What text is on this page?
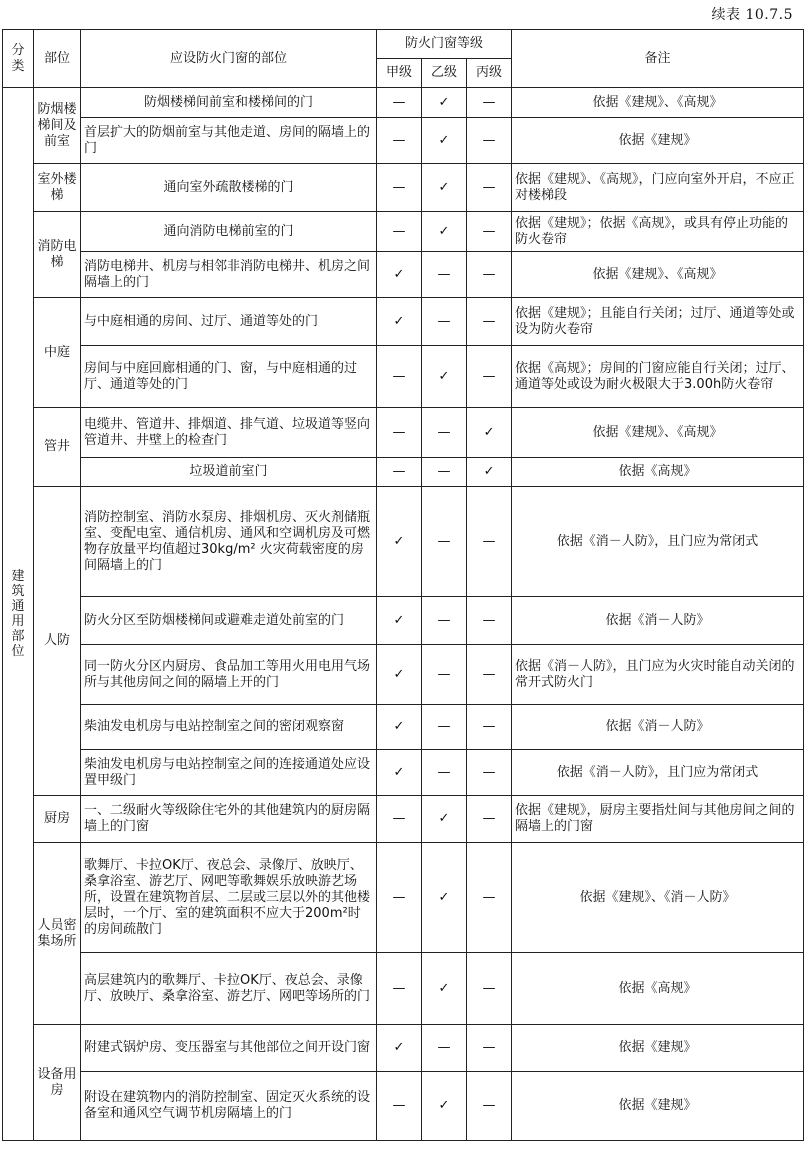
续表 10.7.5
分类	部位	应设防火门窗的部位	防火门窗等级			备注
			甲级	乙级	丙级	
建筑通用部位	防烟楼梯间及前室	防烟楼梯间前室和楼梯间的门	—	✓	—	依据《建规》、《高规》
		首层扩大的防烟前室与其他走道、房间的隔墙上的门	—	✓	—	依据《建规》
	室外楼梯	通向室外疏散楼梯的门	—	✓	—	依据《建规》、《高规》，门应向室外开启，不应正对楼梯段
	消防电梯	通向消防电梯前室的门	—	✓	—	依据《建规》；依据《高规》，或具有停止功能的防火卷帘
		消防电梯井、机房与相邻非消防电梯井、机房之间隔墙上的门	✓	—	—	依据《建规》、《高规》
	中庭	与中庭相通的房间、过厅、通道等处的门	✓	—	—	依据《建规》；且能自行关闭；过厅、通道等处或设为防火卷帘
		房间与中庭回廊相通的门、窗，与中庭相通的过厅、通道等处的门	—	✓	—	依据《高规》；房间的门窗应能自行关闭；过厅、通道等处或设为耐火极限大于3.00h防火卷帘
	管井	电缆井、管道井、排烟道、排气道、垃圾道等竖向管道井、井壁上的检查门	—	—	✓	依据《建规》、《高规》
		垃圾道前室门	—	—	✓	依据《高规》
	人防	消防控制室、消防水泵房、排烟机房、灭火剂储瓶室、变配电室、通信机房、通风和空调机房及可燃物存放量平均值超过30kg/m² 火灾荷载密度的房间隔墙上的门	✓	—	—	依据《消－人防》，且门应为常闭式
		防火分区至防烟楼梯间或避难走道处前室的门	✓	—	—	依据《消－人防》
		同一防火分区内厨房、食品加工等用火用电用气场所与其他房间之间的隔墙上开的门	✓	—	—	依据《消－人防》，且门应为火灾时能自动关闭的常开式防火门
		柴油发电机房与电站控制室之间的密闭观察窗	✓	—	—	依据《消－人防》
		柴油发电机房与电站控制室之间的连接通道处应设置甲级门	✓	—	—	依据《消－人防》，且门应为常闭式
	厨房	一、二级耐火等级除住宅外的其他建筑内的厨房隔墙上的门窗	—	✓	—	依据《建规》，厨房主要指灶间与其他房间之间的隔墙上的门窗
	人员密集场所	歌舞厅、卡拉OK厅、夜总会、录像厅、放映厅、桑拿浴室、游艺厅、网吧等歌舞娱乐放映游艺场所，设置在建筑物首层、二层或三层以外的其他楼层时，一个厅、室的建筑面积不应大于200m²时的房间疏散门	—	✓	—	依据《建规》、《消－人防》
		高层建筑内的歌舞厅、卡拉OK厅、夜总会、录像厅、放映厅、桑拿浴室、游艺厅、网吧等场所的门	—	✓	—	依据《高规》
	设备用房	附建式锅炉房、变压器室与其他部位之间开设门窗	✓	—	—	依据《建规》
		附设在建筑物内的消防控制室、固定灭火系统的设备室和通风空气调节机房隔墙上的门	—	✓	—	依据《建规》
